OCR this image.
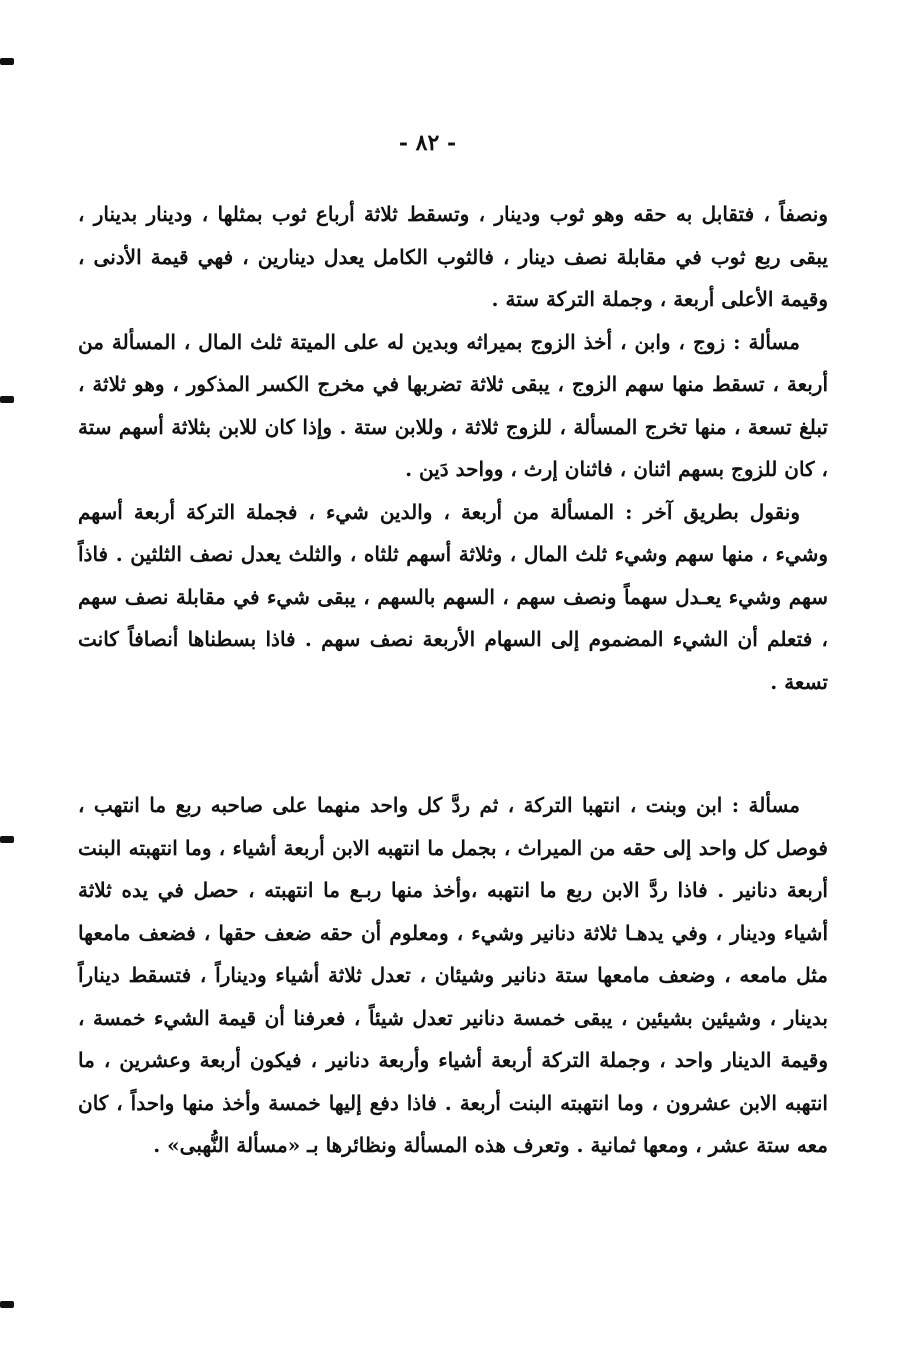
- ٨٢ -

ونصفاً ، فتقابل به حقه وهو ثوب ودينار ، وتسقط ثلاثة أرباع ثوب بمثلها ، ودينار بدينار ، يبقى ربع ثوب في مقابلة نصف دينار ، فالثوب الكامل يعدل دينارين ، فهي قيمة الأدنى ، وقيمة الأعلى أربعة ، وجملة التركة ستة .

مسألة : زوج ، وابن ، أخذ الزوج بميراثه وبدين له على الميتة ثلث المال ، المسألة من أربعة ، تسقط منها سهم الزوج ، يبقى ثلاثة تضربها في مخرج الكسر المذكور ، وهو ثلاثة ، تبلغ تسعة ، منها تخرج المسألة ، للزوج ثلاثة ، وللابن ستة . وإذا كان للابن بثلاثة أسهم ستة ، كان للزوج بسهم اثنان ، فاثنان إرث ، وواحد دَين .

ونقول بطريق آخر : المسألة من أربعة ، والدين شيء ، فجملة التركة أربعة أسهم وشيء ، منها سهم وشيء ثلث المال ، وثلاثة أسهم ثلثاه ، والثلث يعدل نصف الثلثين . فاذاً سهم وشيء يعـدل سهماً ونصف سهم ، السهم بالسهم ، يبقى شيء في مقابلة نصف سهم ، فتعلم أن الشيء المضموم إلى السهام الأربعة نصف سهم . فاذا بسطناها أنصافاً كانت تسعة .

مسألة : ابن وبنت ، انتهبا التركة ، ثم ردَّ كل واحد منهما على صاحبه ربع ما انتهب ، فوصل كل واحد إلى حقه من الميراث ، بجمل ما انتهبه الابن أربعة أشياء ، وما انتهبته البنت أربعة دنانير . فاذا ردَّ الابن ربع ما انتهبه ،وأخذ منها ربـع ما انتهبته ، حصل في يده ثلاثة أشياء ودينار ، وفي يدهـا ثلاثة دنانير وشيء ، ومعلوم أن حقه ضعف حقها ، فضعف مامعها مثل مامعه ، وضعف مامعها ستة دنانير وشيئان ، تعدل ثلاثة أشياء وديناراً ، فتسقط ديناراً بدينار ، وشيئين بشيئين ، يبقى خمسة دنانير تعدل شيئاً ، فعرفنا أن قيمة الشيء خمسة ، وقيمة الدينار واحد ، وجملة التركة أربعة أشياء وأربعة دنانير ، فيكون أربعة وعشرين ، ما انتهبه الابن عشرون ، وما انتهبته البنت أربعة . فاذا دفع إليها خمسة وأخذ منها واحداً ، كان معه ستة عشر ، ومعها ثمانية . وتعرف هذه المسألة ونظائرها بـ «مسألة النُّهبى» .
